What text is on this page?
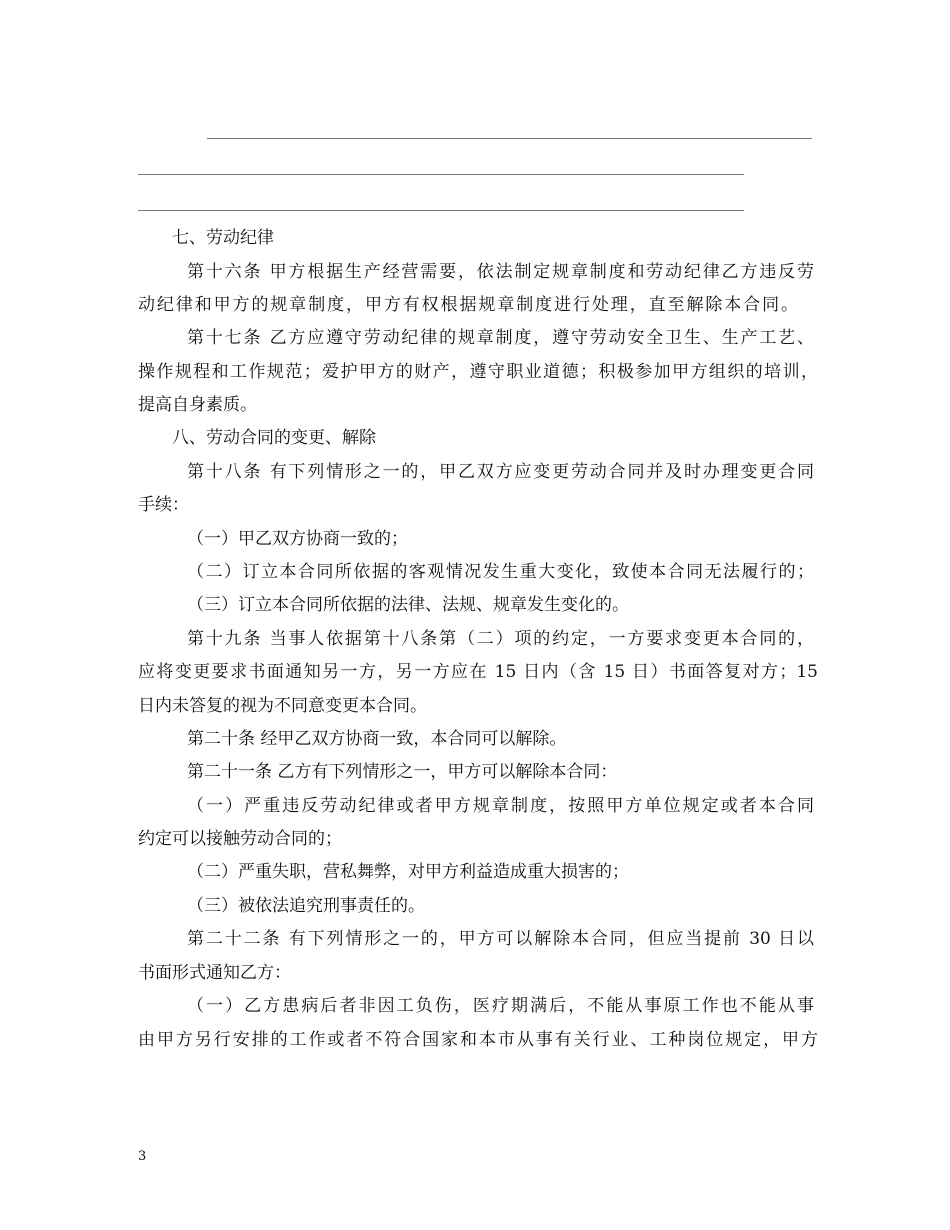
七、劳动纪律
第十六条 甲方根据生产经营需要，依法制定规章制度和劳动纪律乙方违反劳
动纪律和甲方的规章制度，甲方有权根据规章制度进行处理，直至解除本合同。
第十七条 乙方应遵守劳动纪律的规章制度，遵守劳动安全卫生、生产工艺、
操作规程和工作规范；爱护甲方的财产，遵守职业道德；积极参加甲方组织的培训，
提高自身素质。
八、劳动合同的变更、解除
第十八条 有下列情形之一的，甲乙双方应变更劳动合同并及时办理变更合同
手续：
（一）甲乙双方协商一致的；
（二）订立本合同所依据的客观情况发生重大变化，致使本合同无法履行的；
（三）订立本合同所依据的法律、法规、规章发生变化的。
第十九条 当事人依据第十八条第（二）项的约定，一方要求变更本合同的，
应将变更要求书面通知另一方，另一方应在 15 日内（含 15 日）书面答复对方；15
日内未答复的视为不同意变更本合同。
第二十条 经甲乙双方协商一致，本合同可以解除。
第二十一条 乙方有下列情形之一，甲方可以解除本合同：
（一）严重违反劳动纪律或者甲方规章制度，按照甲方单位规定或者本合同
约定可以接触劳动合同的；
（二）严重失职，营私舞弊，对甲方利益造成重大损害的；
（三）被依法追究刑事责任的。
第二十二条 有下列情形之一的，甲方可以解除本合同，但应当提前 30 日以
书面形式通知乙方：
（一）乙方患病后者非因工负伤，医疗期满后，不能从事原工作也不能从事
由甲方另行安排的工作或者不符合国家和本市从事有关行业、工种岗位规定，甲方
3
